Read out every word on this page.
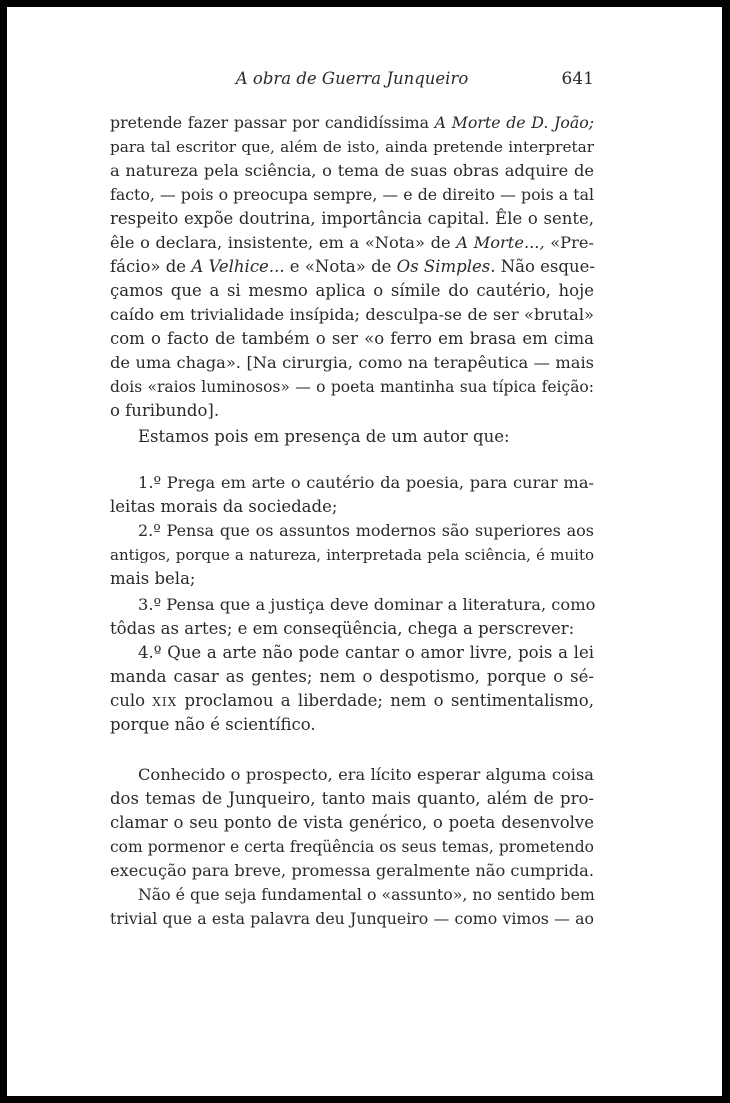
A obra de Guerra Junqueiro	641
pretende fazer passar por candidíssima A Morte de D. João;
para tal escritor que, além de isto, ainda pretende interpretar
a natureza pela sciência, o tema de suas obras adquire de
facto, — pois o preocupa sempre, — e de direito — pois a tal
respeito expõe doutrina, importância capital. Êle o sente,
êle o declara, insistente, em a «Nota» de A Morte..., «Pre-
fácio» de A Velhice... e «Nota» de Os Simples. Não esque-
çamos que a si mesmo aplica o símile do cautério, hoje
caído em trivialidade insípida; desculpa-se de ser «brutal»
com o facto de também o ser «o ferro em brasa em cima
de uma chaga». [Na cirurgia, como na terapêutica — mais
dois «raios luminosos» — o poeta mantinha sua típica feição:
o furibundo].
Estamos pois em presença de um autor que:
1.º Prega em arte o cautério da poesia, para curar ma-
leitas morais da sociedade;
2.º Pensa que os assuntos modernos são superiores aos
antigos, porque a natureza, interpretada pela sciência, é muito
mais bela;
3.º Pensa que a justiça deve dominar a literatura, como
tôdas as artes; e em conseqüência, chega a perscrever:
4.º Que a arte não pode cantar o amor livre, pois a lei
manda casar as gentes; nem o despotismo, porque o sé-
culo XIX proclamou a liberdade; nem o sentimentalismo,
porque não é scientífico.
Conhecido o prospecto, era lícito esperar alguma coisa
dos temas de Junqueiro, tanto mais quanto, além de pro-
clamar o seu ponto de vista genérico, o poeta desenvolve
com pormenor e certa freqüência os seus temas, prometendo
execução para breve, promessa geralmente não cumprida.
Não é que seja fundamental o «assunto», no sentido bem
trivial que a esta palavra deu Junqueiro — como vimos — ao
